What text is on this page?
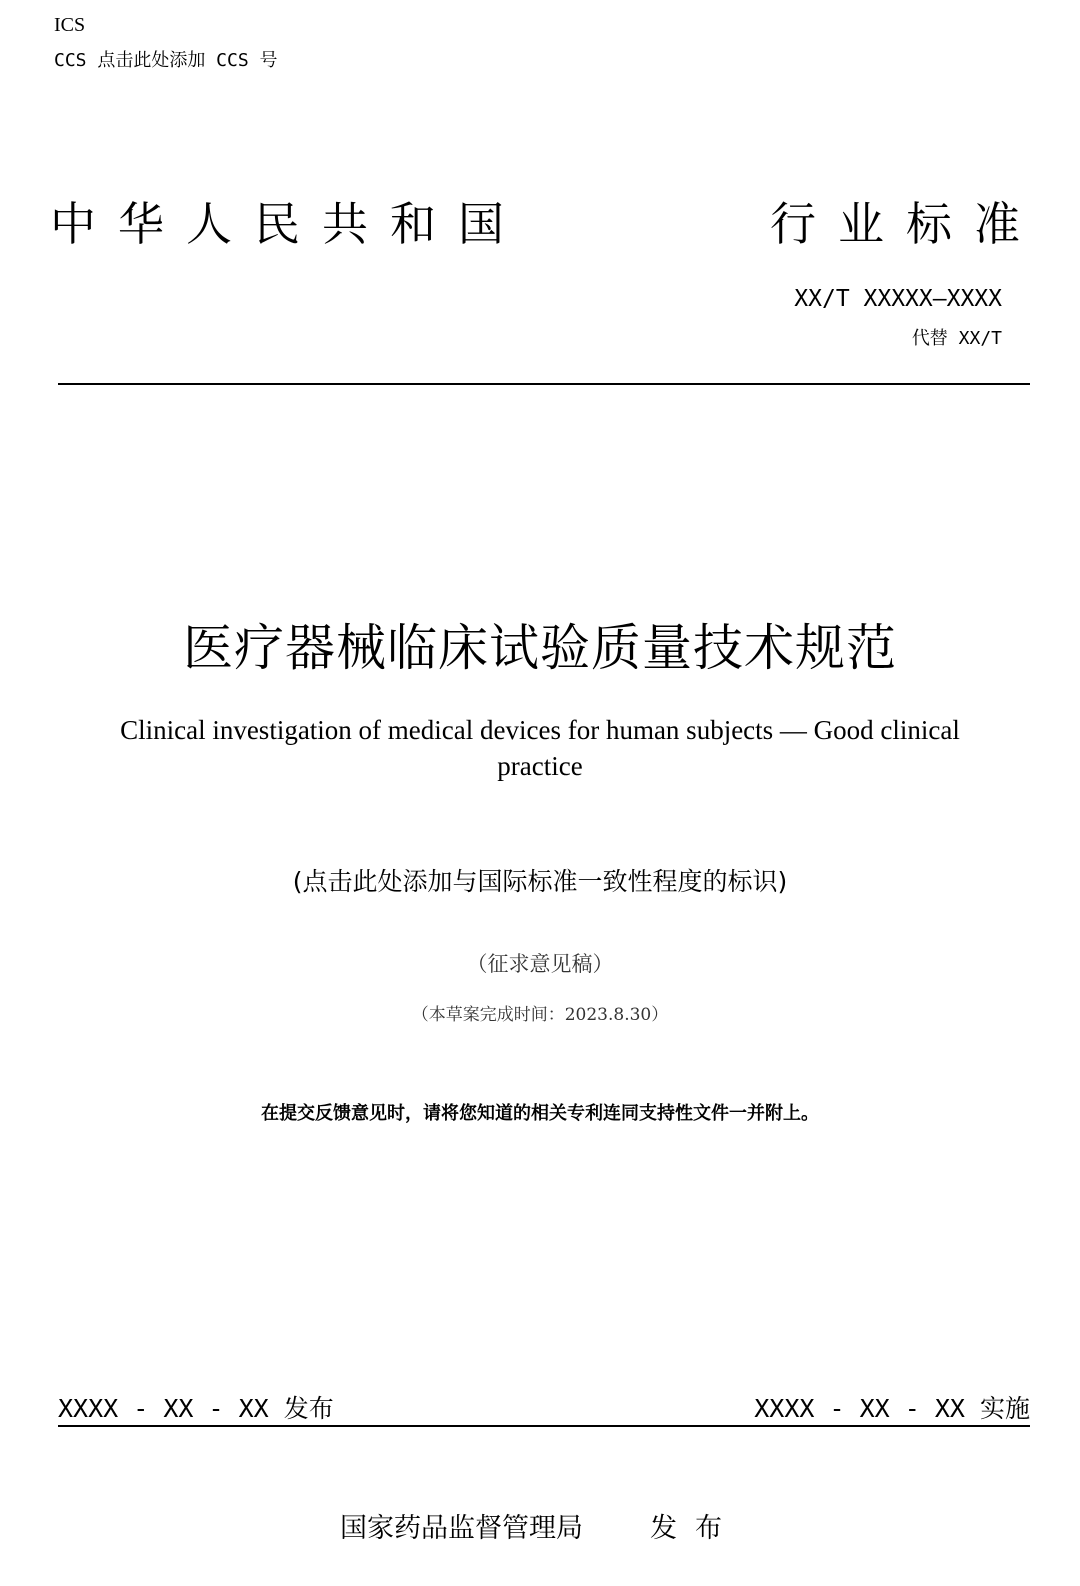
ICS
CCS 点击此处添加 CCS 号
中华人民共和国	行业标准
XX/T XXXXX—XXXX
代替 XX/T
医疗器械临床试验质量技术规范
Clinical investigation of medical devices for human subjects — Good clinical practice
(点击此处添加与国际标准一致性程度的标识)
（征求意见稿）
（本草案完成时间：2023.8.30）
在提交反馈意见时，请将您知道的相关专利连同支持性文件一并附上。
XXXX - XX - XX 发布	XXXX - XX - XX 实施
国家药品监督管理局 发布
